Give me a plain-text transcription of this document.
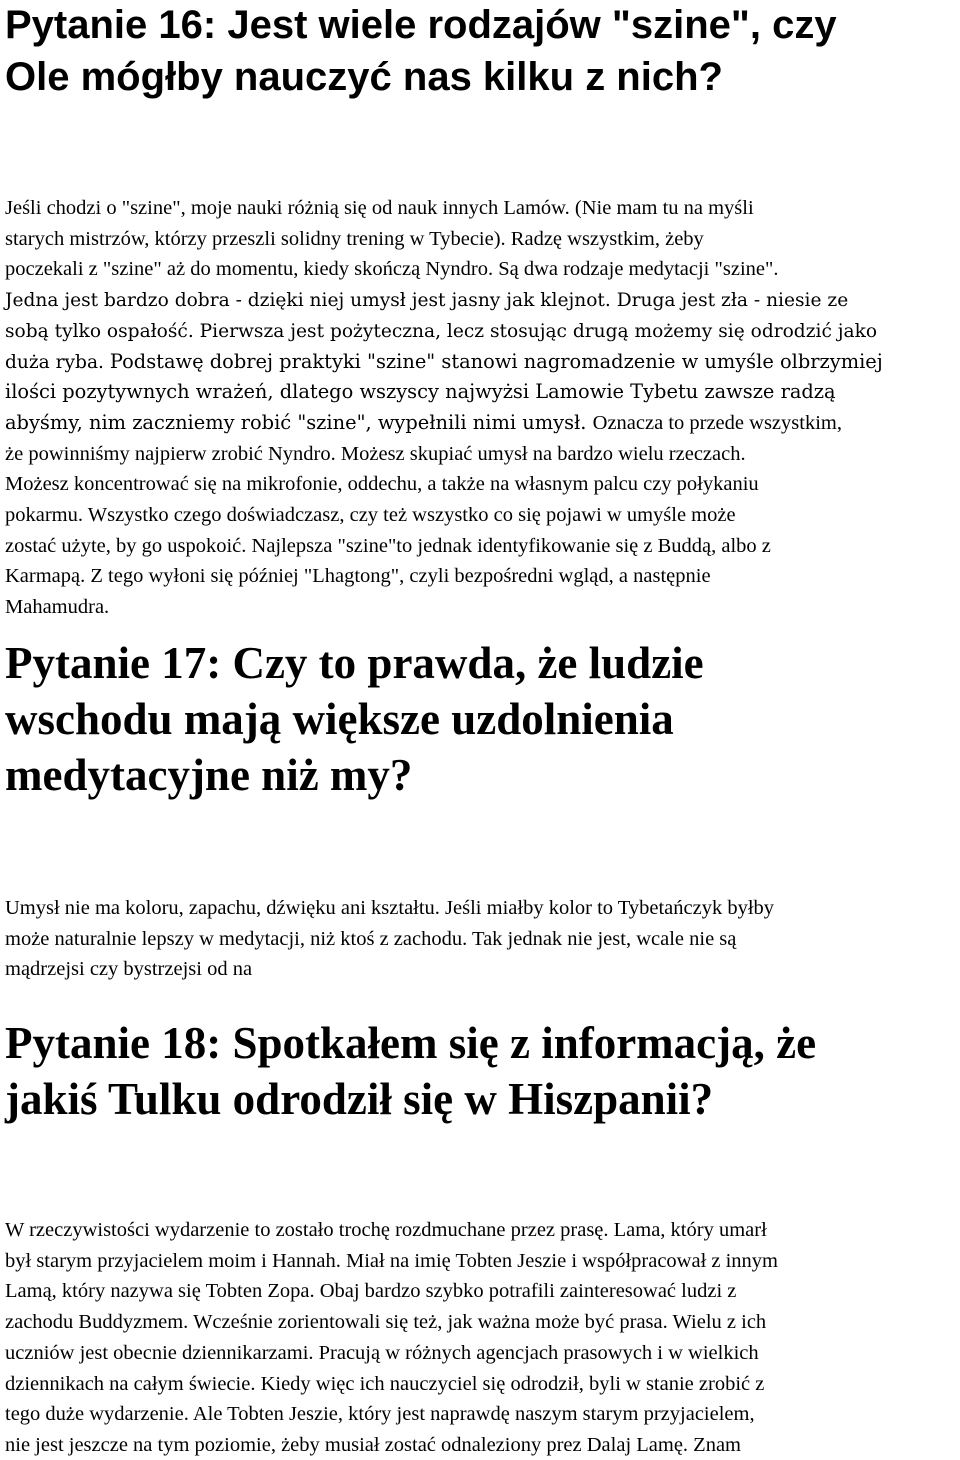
Pytanie 16: Jest wiele rodzajów "szine", czy
Ole mógłby nauczyć nas kilku z nich?

Jeśli chodzi o "szine", moje nauki różnią się od nauk innych Lamów. (Nie mam tu na myśli

starych mistrzów, którzy przeszli solidny trening w Tybecie). Radzę wszystkim, żeby

poczekali z "szine" aż do momentu, kiedy skończą Nyndro. Są dwa rodzaje medytacji "szine".

Jedna jest bardzo dobra - dzięki niej umysł jest jasny jak klejnot. Druga jest zła - niesie ze

sobą tylko ospałość. Pierwsza jest pożyteczna, lecz stosując drugą możemy się odrodzić jako

duża ryba. Podstawę dobrej praktyki "szine" stanowi nagromadzenie w umyśle olbrzymiej

ilości pozytywnych wrażeń, dlatego wszyscy najwyżsi Lamowie Tybetu zawsze radzą

abyśmy, nim zaczniemy robić "szine", wypełnili nimi umysł. Oznacza to przede wszystkim,

że powinniśmy najpierw zrobić Nyndro. Możesz skupiać umysł na bardzo wielu rzeczach.

Możesz koncentrować się na mikrofonie, oddechu, a także na własnym palcu czy połykaniu

pokarmu. Wszystko czego doświadczasz, czy też wszystko co się pojawi w umyśle może

zostać użyte, by go uspokoić. Najlepsza "szine"to jednak identyfikowanie się z Buddą, albo z

Karmapą. Z tego wyłoni się później "Lhagtong", czyli bezpośredni wgląd, a następnie

Mahamudra.

Pytanie 17: Czy to prawda, że ludzie
wschodu mają większe uzdolnienia
medytacyjne niż my?

Umysł nie ma koloru, zapachu, dźwięku ani kształtu. Jeśli miałby kolor to Tybetańczyk byłby

może naturalnie lepszy w medytacji, niż ktoś z zachodu. Tak jednak nie jest, wcale nie są

mądrzejsi czy bystrzejsi od na

Pytanie 18: Spotkałem się z informacją, że
jakiś Tulku odrodził się w Hiszpanii?

W rzeczywistości wydarzenie to zostało trochę rozdmuchane przez prasę. Lama, który umarł

był starym przyjacielem moim i Hannah. Miał na imię Tobten Jeszie i współpracował z innym

Lamą, który nazywa się Tobten Zopa. Obaj bardzo szybko potrafili zainteresować ludzi z

zachodu Buddyzmem. Wcześnie zorientowali się też, jak ważna może być prasa. Wielu z ich

uczniów jest obecnie dziennikarzami. Pracują w różnych agencjach prasowych i w wielkich

dziennikach na całym świecie. Kiedy więc ich nauczyciel się odrodził, byli w stanie zrobić z

tego duże wydarzenie. Ale Tobten Jeszie, który jest naprawdę naszym starym przyjacielem,

nie jest jeszcze na tym poziomie, żeby musiał zostać odnaleziony prez Dalaj Lamę. Znam
